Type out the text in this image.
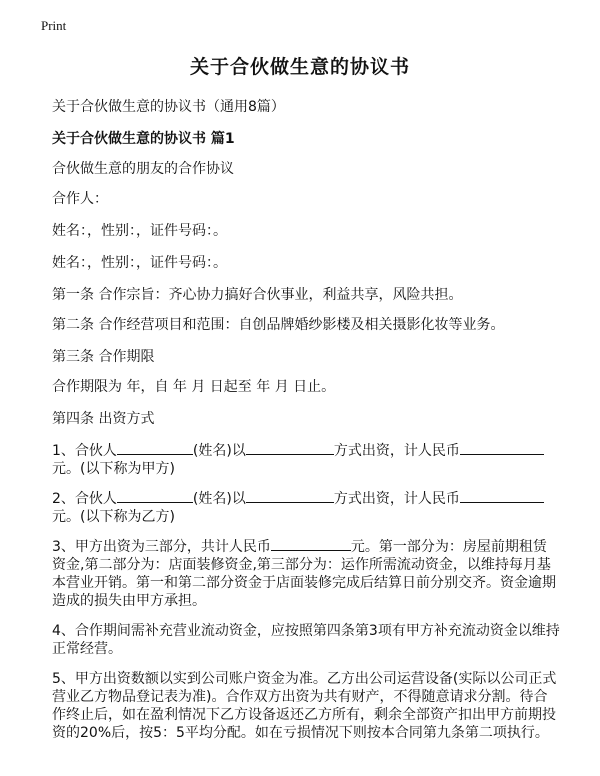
Print
关于合伙做生意的协议书
关于合伙做生意的协议书（通用8篇）
关于合伙做生意的协议书 篇1
合伙做生意的朋友的合作协议
合作人：
姓名：，性别：，证件号码：。
姓名：，性别：，证件号码：。
第一条 合作宗旨：齐心协力搞好合伙事业，利益共享，风险共担。
第二条 合作经营项目和范围：自创品牌婚纱影楼及相关摄影化妆等业务。
第三条 合作期限
合作期限为 年，自 年 月 日起至 年 月 日止。
第四条 出资方式
1、合伙人	(姓名)以	方式出资，计人民币
元。(以下称为甲方)
2、合伙人	(姓名)以	方式出资，计人民币
元。(以下称为乙方)
3、甲方出资为三部分，共计人民币	元。第一部分为：房屋前期租赁
资金,第二部分为：店面装修资金,第三部分为：运作所需流动资金，以维持每月基
本营业开销。第一和第二部分资金于店面装修完成后结算日前分别交齐。资金逾期
造成的损失由甲方承担。
4、合作期间需补充营业流动资金，应按照第四条第3项有甲方补充流动资金以维持
正常经营。
5、甲方出资数额以实到公司账户资金为准。乙方出公司运营设备(实际以公司正式
营业乙方物品登记表为准)。合作双方出资为共有财产，不得随意请求分割。待合
作终止后，如在盈利情况下乙方设备返还乙方所有，剩余全部资产扣出甲方前期投
资的20%后，按5：5平均分配。如在亏损情况下则按本合同第九条第二项执行。
